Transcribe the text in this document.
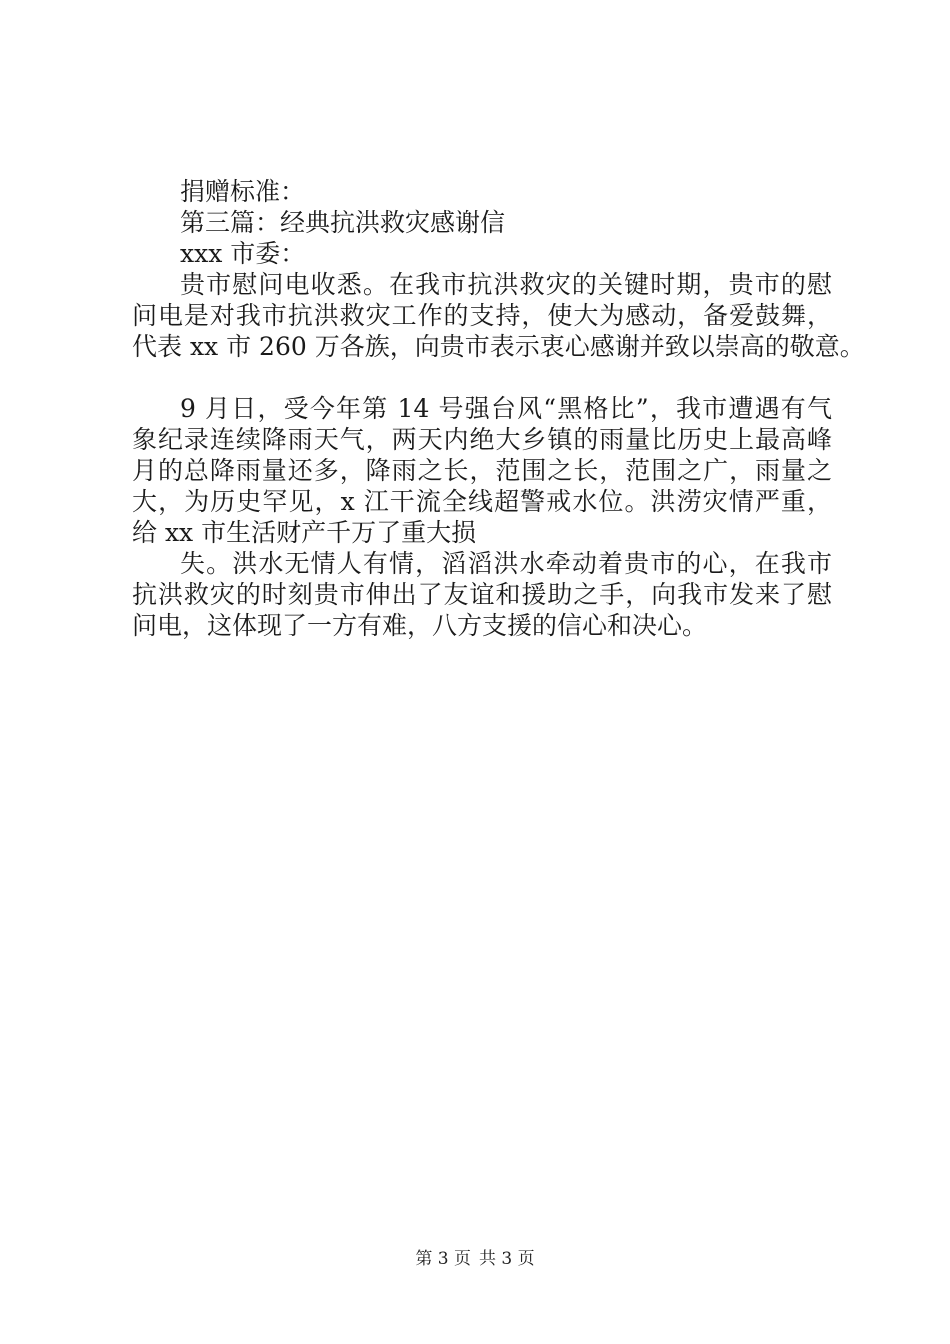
捐赠标准：
第三篇：经典抗洪救灾感谢信
xxx 市委：
贵市慰问电收悉。在我市抗洪救灾的关键时期，贵市的慰
问电是对我市抗洪救灾工作的支持，使大为感动，备爱鼓舞，
代表 xx 市 260 万各族，向贵市表示衷心感谢并致以崇高的敬意。
9 月日，受今年第 14 号强台风“黑格比”，我市遭遇有气
象纪录连续降雨天气，两天内绝大乡镇的雨量比历史上最高峰
月的总降雨量还多，降雨之长，范围之长，范围之广，雨量之
大，为历史罕见，x 江干流全线超警戒水位。洪涝灾情严重，
给 xx 市生活财产千万了重大损
失。洪水无情人有情，滔滔洪水牵动着贵市的心，在我市
抗洪救灾的时刻贵市伸出了友谊和援助之手，向我市发来了慰
问电，这体现了一方有难，八方支援的信心和决心。
第 3 页 共 3 页
